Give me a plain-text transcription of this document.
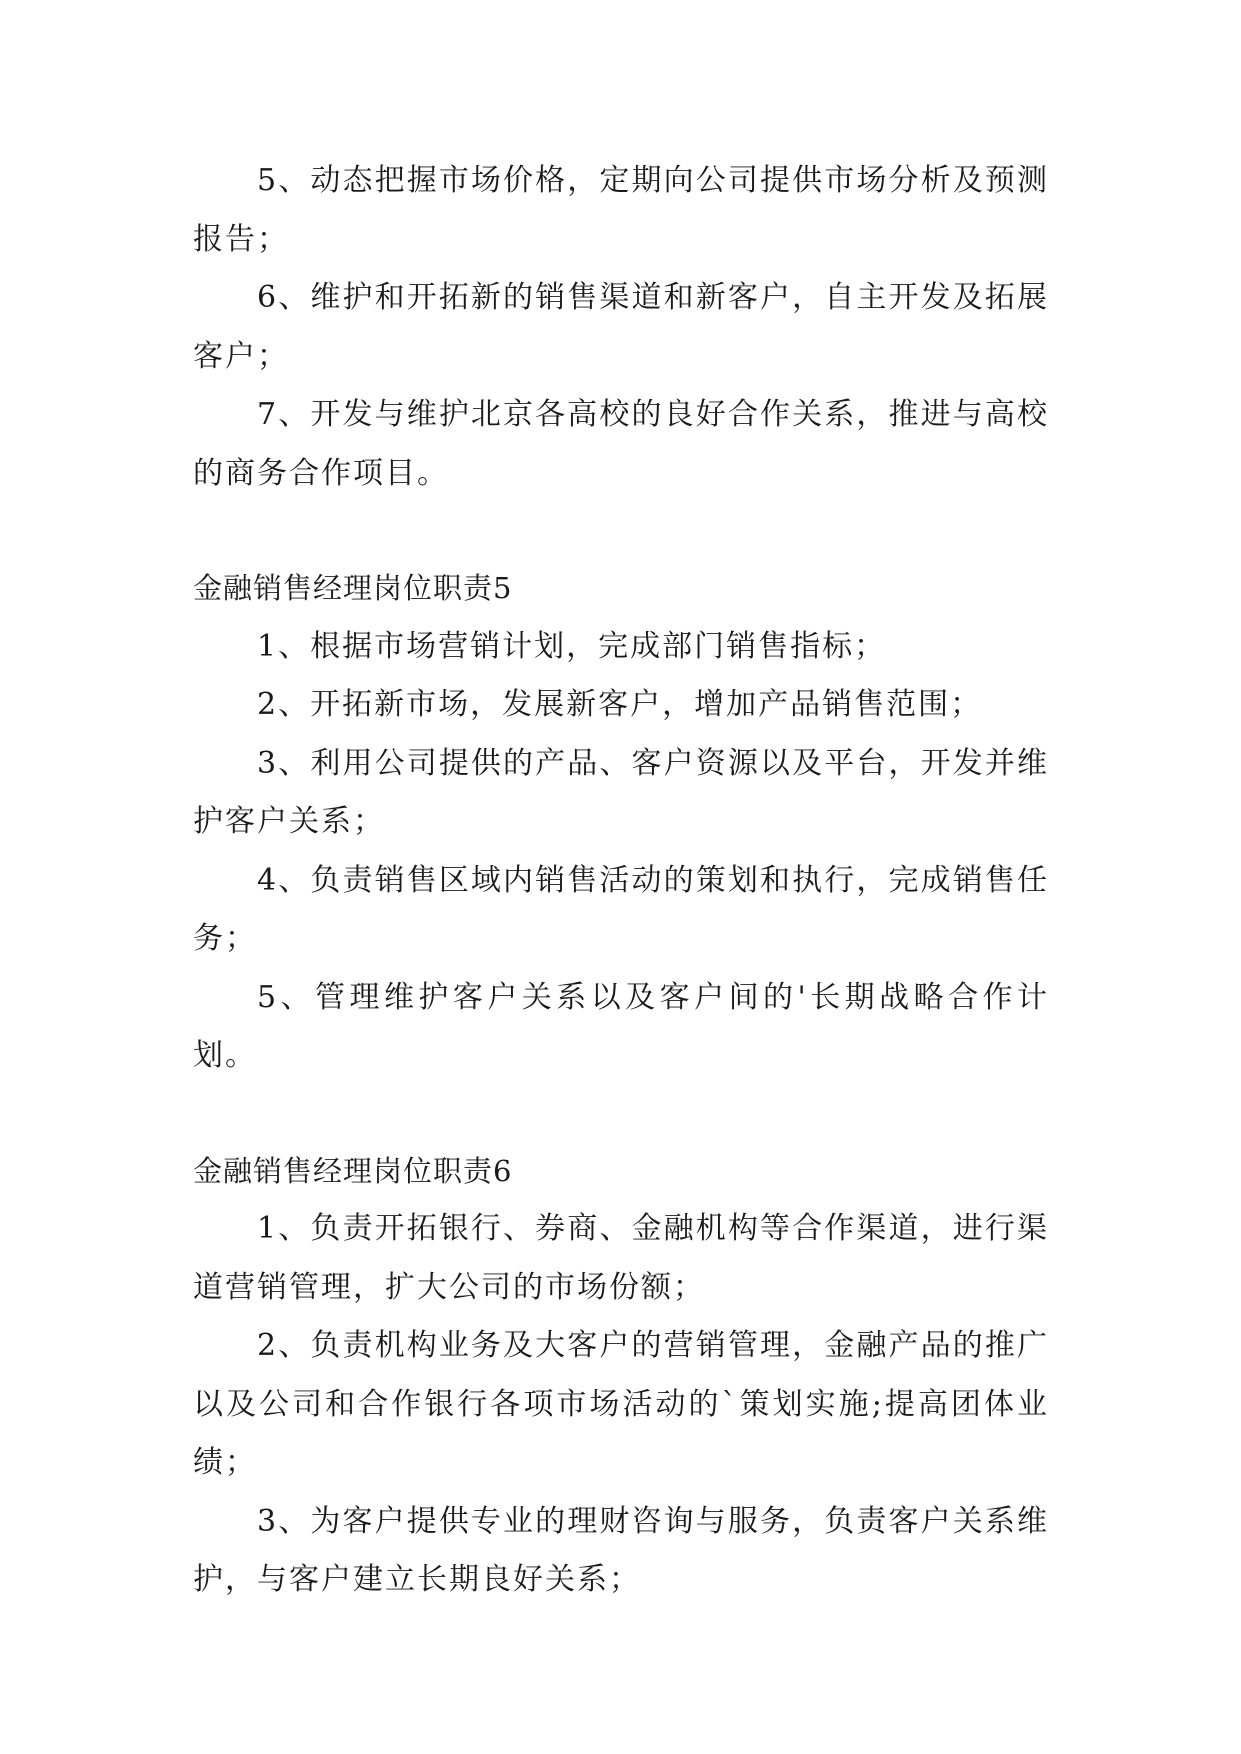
5、动态把握市场价格，定期向公司提供市场分析及预测报告；

6、维护和开拓新的销售渠道和新客户，自主开发及拓展客户；

7、开发与维护北京各高校的良好合作关系，推进与高校的商务合作项目。

金融销售经理岗位职责5

1、根据市场营销计划，完成部门销售指标；

2、开拓新市场，发展新客户，增加产品销售范围；

3、利用公司提供的产品、客户资源以及平台，开发并维护客户关系；

4、负责销售区域内销售活动的策划和执行，完成销售任务；

5、管理维护客户关系以及客户间的'长期战略合作计划。

金融销售经理岗位职责6

1、负责开拓银行、券商、金融机构等合作渠道，进行渠道营销管理，扩大公司的市场份额；

2、负责机构业务及大客户的营销管理，金融产品的推广以及公司和合作银行各项市场活动的`策划实施;提高团体业绩；

3、为客户提供专业的理财咨询与服务，负责客户关系维护，与客户建立长期良好关系；
